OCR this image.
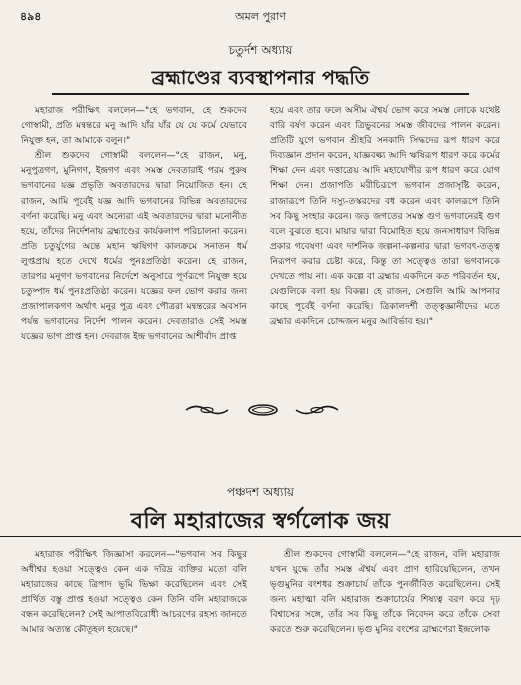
৪৯৪	অমল পুরাণ
চতুর্দশ অধ্যায়
ব্রহ্মাণ্ডের ব্যবস্থাপনার পদ্ধতি

মহারাজ পরীক্ষিৎ বললেন—"হে ভগবান, হে শুকদেব গোস্বামী, প্রতি মন্বন্তরে মনু আদি যাঁর যাঁর যে যে কর্মে যেভাবে নিযুক্ত হন, তা আমাকে বলুন।"

শ্রীল শুকদেব গোস্বামী বললেন—"হে রাজন, মনু, মনুপুত্রগণ, মুনিগণ, ইন্দ্রগণ এবং সমস্ত দেবতারাই পরম পুরুষ ভগবানের যজ্ঞ প্রভৃতি অবতারদের দ্বারা নিয়োজিত হন। হে রাজন, আমি পূর্বেই যজ্ঞ আদি ভগবানের বিভিন্ন অবতারদের বর্ণনা করেছি। মনু এবং অন্যেরা এই অবতারদের দ্বারা মনোনীত হয়ে, তাঁদের নির্দেশনায় ব্রহ্মাণ্ডের কার্যকলাপ পরিচালনা করেন। প্রতি চতুর্যুগের অন্তে মহান ঋষিগণ কালক্রমে সনাতন ধর্ম লুপ্তপ্রায় হতে দেখে ধর্মের পুনঃপ্রতিষ্ঠা করেন। হে রাজন, তারপর মনুগণ ভগবানের নির্দেশে অনুসারে পূর্ণরূপে নিযুক্ত হয়ে চতুষ্পাদ ধর্ম পুনঃপ্রতিষ্ঠা করেন। যজ্ঞের ফল ভোগ করার জন্য প্রজাপালকগণ অর্থাৎ মনুর পুত্র এবং পৌত্ররা মন্বন্তরের অবসান পর্যন্ত ভগবানের নির্দেশ পালন করেন। দেবতারাও সেই সমস্ত যজ্ঞের ভাগ প্রাপ্ত হন। দেবরাজ ইন্দ্র ভগবানের আশীর্বাদ প্রাপ্ত

হয়ে এবং তার ফলে অসীম ঐশ্বর্য ভোগ করে সমস্ত লোকে যথেষ্ট বারি বর্ষণ করেন এবং ত্রিভুবনের সমস্ত জীবদের পালন করেন। প্রতিটি যুগে ভগবান শ্রীহরি সনকাদি সিদ্ধদের রূপ ধারণ করে দিব্যজ্ঞান প্রদান করেন, যাজ্ঞবল্ক্য আদি ঋষিরূপ ধারণ করে কর্মের শিক্ষা দেন এবং দত্তাত্রেয় আদি মহাযোগীর রূপ ধারণ করে যোগ শিক্ষা দেন। প্রজাপতি মরীচিরূপে ভগবান প্রজাসৃষ্টি করেন, রাজারূপে তিনি দস্যু-তস্করদের বধ করেন এবং কালরূপে তিনি সব কিছু সংহার করেন। জড় জগতের সমস্ত গুণ ভগবানেরই গুণ বলে বুঝতে হবে। মায়ার দ্বারা বিমোহিত হয়ে জনসাধারণ বিভিন্ন প্রকার গবেষণা এবং দার্শনিক জল্পনা-কল্পনার দ্বারা ভগবৎ-তত্ত্ব নিরূপণ করার চেষ্টা করে, কিন্তু তা সত্ত্বেও তারা ভগবানকে দেখতে পায় না। এক কল্পে বা ব্রহ্মার একদিনে কত পরিবর্তন হয়, যেগুলিকে বলা হয় বিকল্প। হে রাজন, সেগুলি আমি আপনার কাছে পূর্বেই বর্ণনা করেছি। ত্রিকালদর্শী তত্ত্বজ্ঞানীদের মতে ব্রহ্মার একদিনে চোদ্দজন মনুর আবির্ভাব হয়।"

পঞ্চদশ অধ্যায়
বলি মহারাজের স্বর্গলোক জয়

মহারাজ পরীক্ষিৎ জিজ্ঞাসা করলেন—"ভগবান সব কিছুর অধীশ্বর হওয়া সত্ত্বেও কেন এক দরিদ্র ব্যক্তির মতো বলি মহারাজের কাছে ত্রিপাদ ভূমি ভিক্ষা করেছিলেন এবং সেই প্রার্থিত বস্তু প্রাপ্ত হওয়া সত্ত্বেও কেন তিনি বলি মহারাজকে বন্ধন করেছিলেন? সেই আপাতবিরোধী আচরণের রহস্য জানতে আমার অত্যন্ত কৌতূহল হয়েছে।"

শ্রীল শুকদেব গোস্বামী বললেন—"হে রাজন, বলি মহারাজ যখন যুদ্ধে তাঁর সমস্ত ঐশ্বর্য এবং প্রাণ হারিয়েছিলেন, তখন ভৃগুমুনির বংশধর শুক্রাচার্য তাঁকে পুনর্জীবিত করেছিলেন। সেই জন্য মহাত্মা বলি মহারাজ শুক্রাচার্যের শিষ্যত্ব বরণ করে দৃঢ় বিশ্বাসের সঙ্গে, তাঁর সব কিছু তাঁকে নিবেদন করে তাঁকে সেবা করতে শুরু করেছিলেন। ভৃগু মুনির বংশের ব্রাহ্মণেরা ইন্দ্রলোক
